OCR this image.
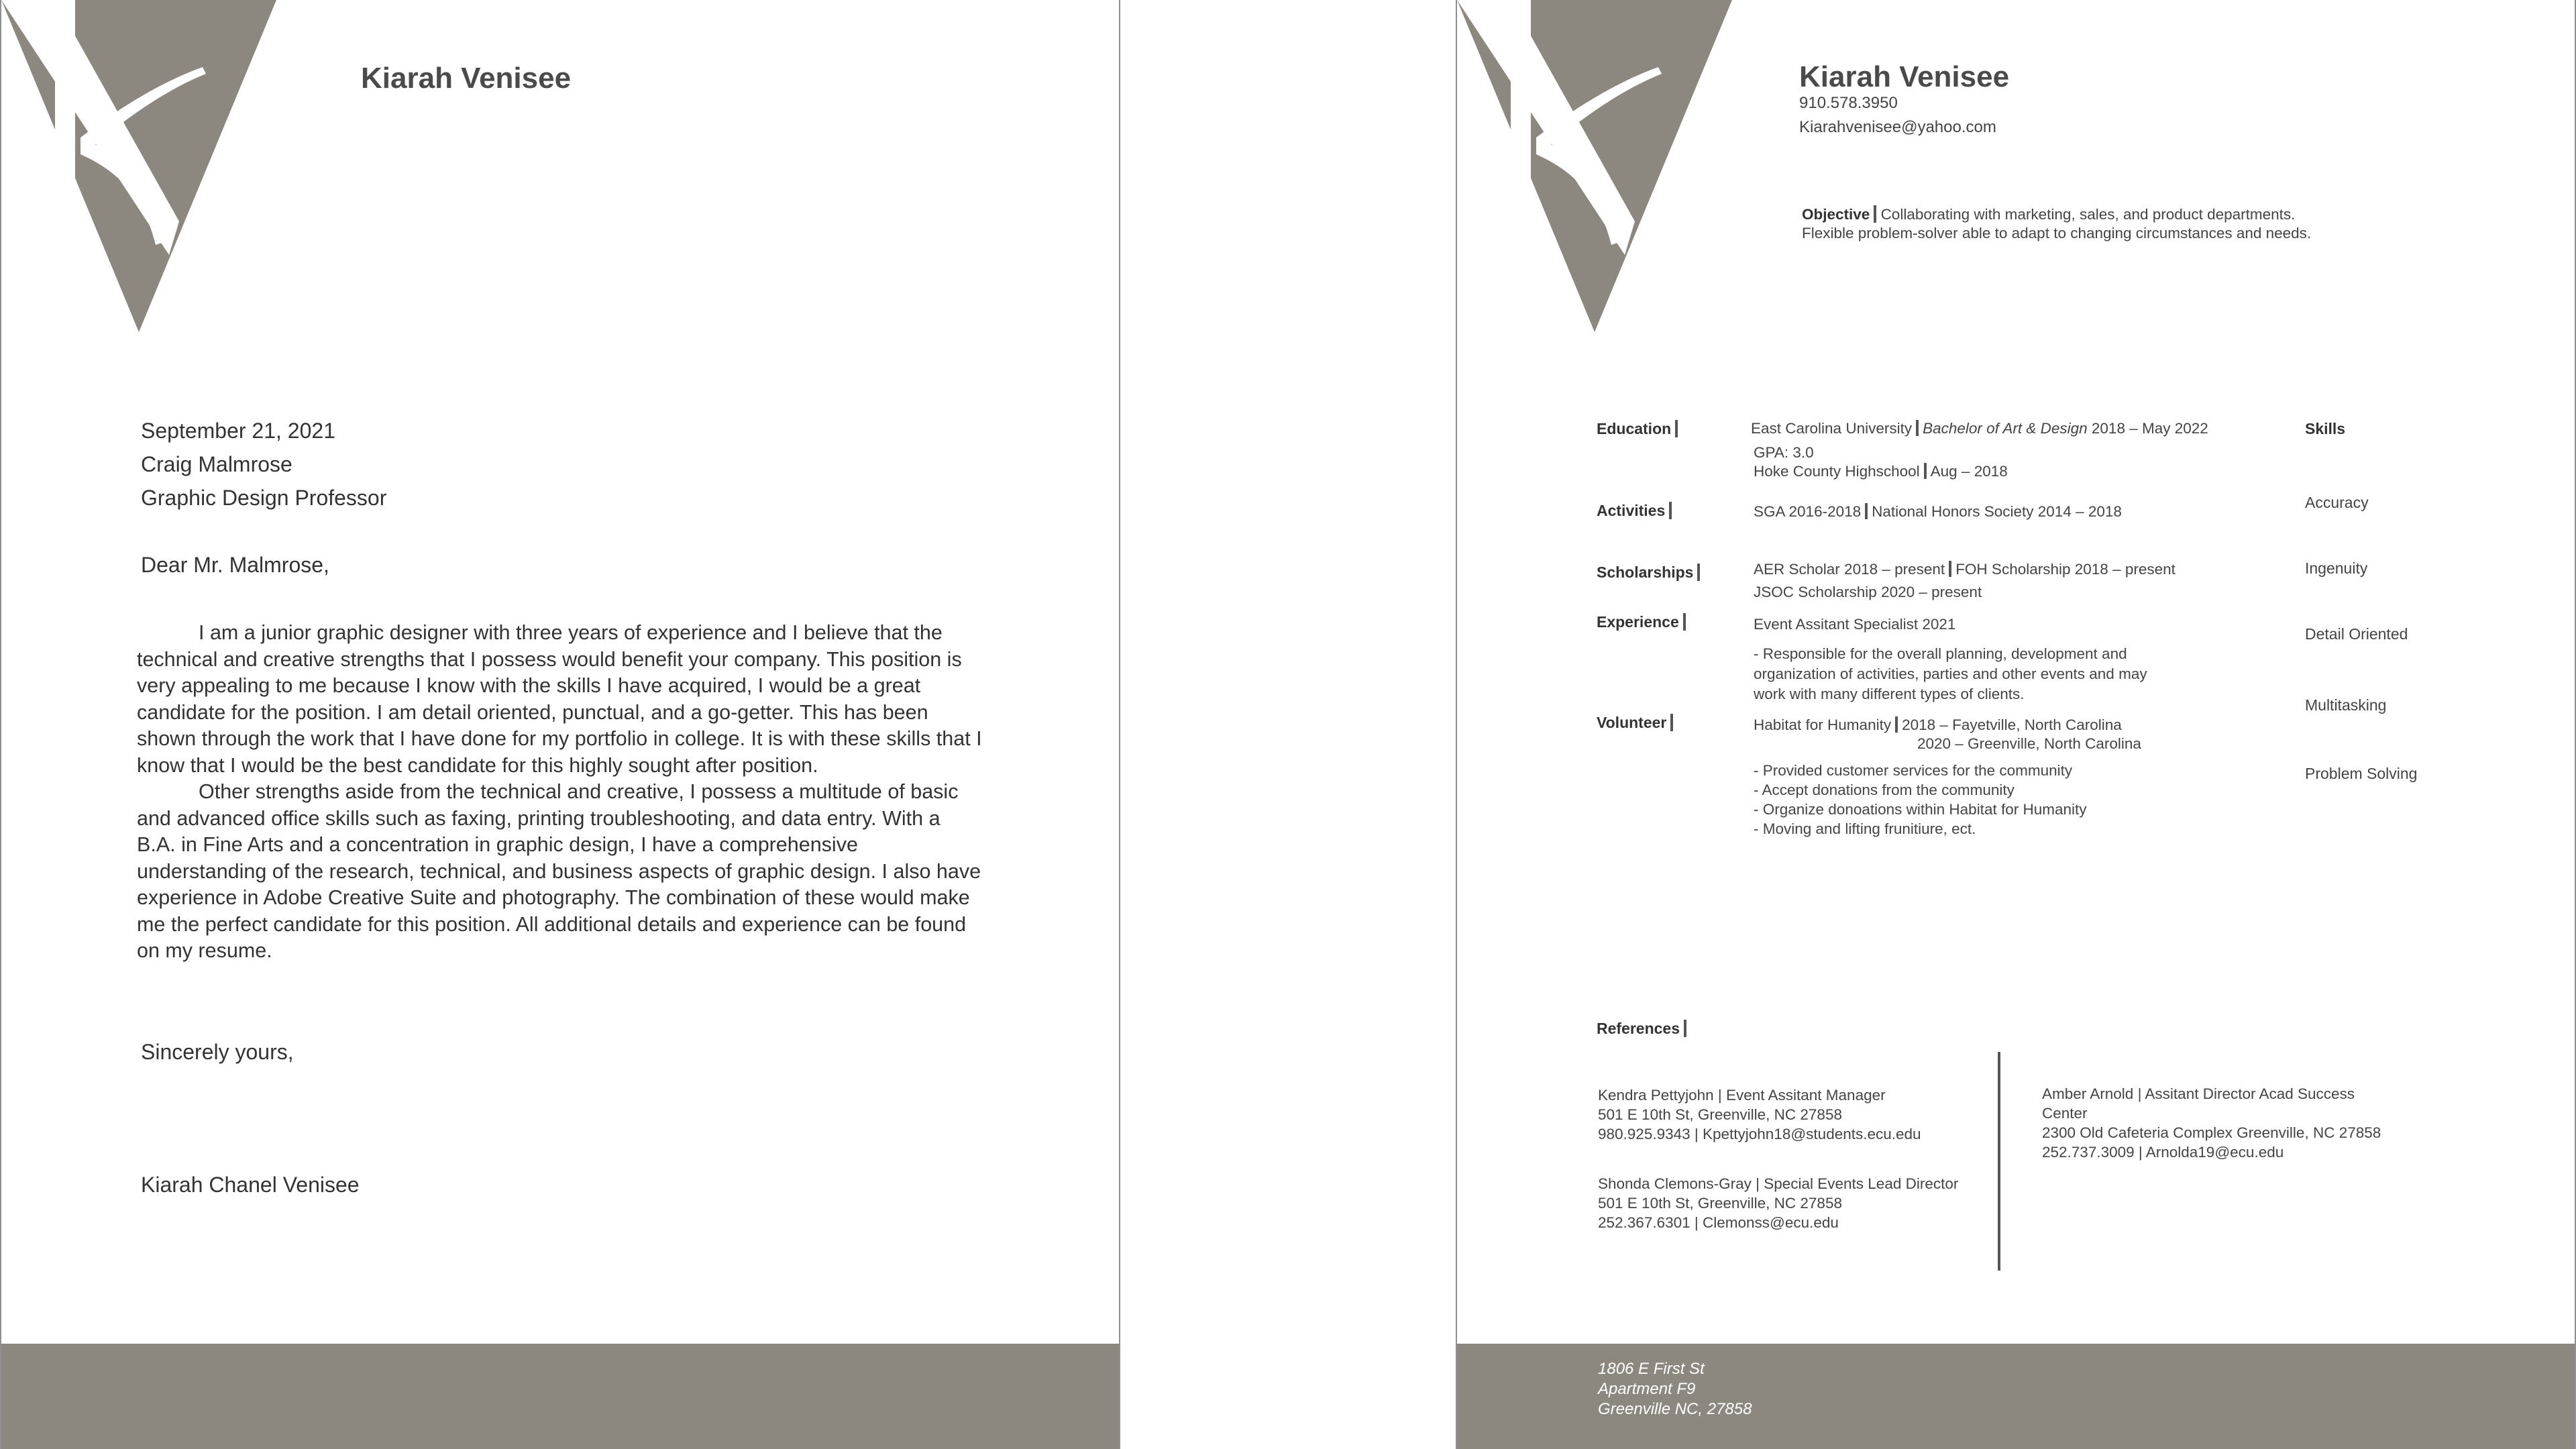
Kiarah Venisee
September 21, 2021
Craig Malmrose
Graphic Design Professor
Dear Mr. Malmrose,

I am a junior graphic designer with three years of experience and I believe that the technical and creative strengths that I possess would benefit your company. This position is very appealing to me because I know with the skills I have acquired, I would be a great candidate for the position. I am detail oriented, punctual, and a go-getter. This has been shown through the work that I have done for my portfolio in college. It is with these skills that I know that I would be the best candidate for this highly sought after position.

Other strengths aside from the technical and creative, I possess a multitude of basic and advanced office skills such as faxing, printing troubleshooting, and data entry. With a B.A. in Fine Arts and a concentration in graphic design, I have a comprehensive understanding of the research, technical, and business aspects of graphic design. I also have experience in Adobe Creative Suite and photography. The combination of these would make me the perfect candidate for this position. All additional details and experience can be found on my resume.

Sincerely yours,
Kiarah Chanel Venisee
Kiarah Venisee
910.578.3950
Kiarahvenisee@yahoo.com
Objective Collaborating with marketing, sales, and product departments. Flexible problem-solver able to adapt to changing circumstances and needs.
Education	East Carolina University Bachelor of Art & Design 2018 – May 2022
GPA: 3.0
Hoke County Highschool Aug – 2018
Activities	SGA 2016-2018 National Honors Society 2014 – 2018
Scholarships	AER Scholar 2018 – present FOH Scholarship 2018 – present
JSOC Scholarship 2020 – present
Experience	Event Assitant Specialist 2021
- Responsible for the overall planning, development and
organization of activities, parties and other events and may
work with many different types of clients.
Volunteer	Habitat for Humanity 2018 – Fayetville, North Carolina
2020 – Greenville, North Carolina
- Provided customer services for the community
- Accept donations from the community
- Organize donoations within Habitat for Humanity
- Moving and lifting frunitiure, ect.
Skills
Accuracy
Ingenuity
Detail Oriented
Multitasking
Problem Solving
References
Kendra Pettyjohn | Event Assitant Manager
501 E 10th St, Greenville, NC 27858
980.925.9343 | Kpettyjohn18@students.ecu.edu
Shonda Clemons-Gray | Special Events Lead Director
501 E 10th St, Greenville, NC 27858
252.367.6301 | Clemonss@ecu.edu
Amber Arnold | Assitant Director Acad Success
Center
2300 Old Cafeteria Complex Greenville, NC 27858
252.737.3009 | Arnolda19@ecu.edu
1806 E First St
Apartment F9
Greenville NC, 27858
